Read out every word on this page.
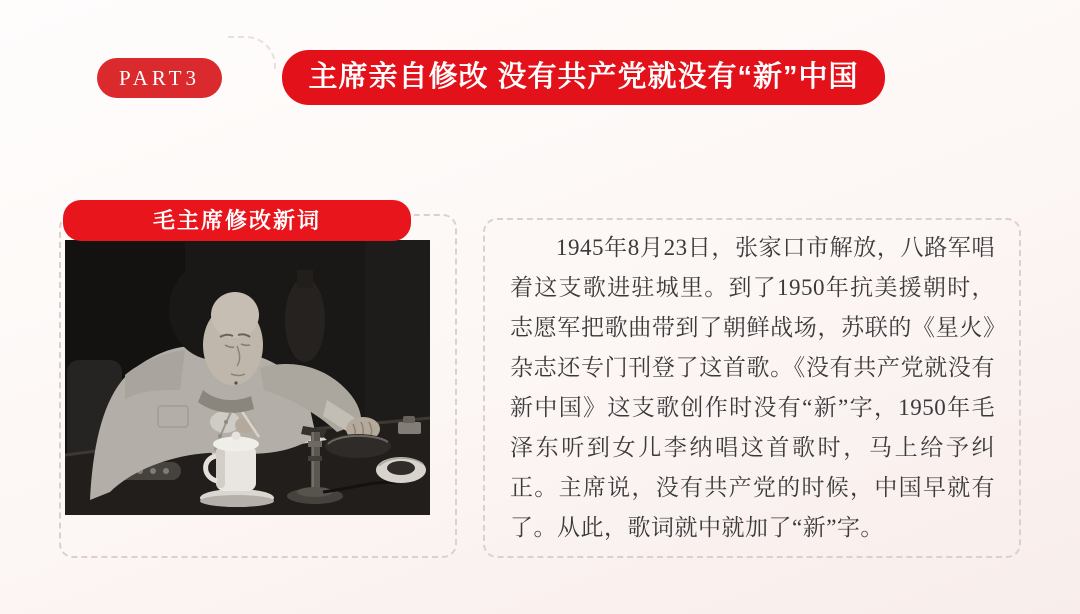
PART3	主席亲自修改 没有共产党就没有“新”中国
毛主席修改新词

1945年8月23日，张家口市解放，八路军唱着这支歌进驻城里。到了1950年抗美援朝时，志愿军把歌曲带到了朝鲜战场，苏联的《星火》杂志还专门刊登了这首歌。《没有共产党就没有新中国》这支歌创作时没有“新”字，1950年毛泽东听到女儿李纳唱这首歌时，马上给予纠正。主席说，没有共产党的时候，中国早就有了。从此，歌词就中就加了“新”字。
